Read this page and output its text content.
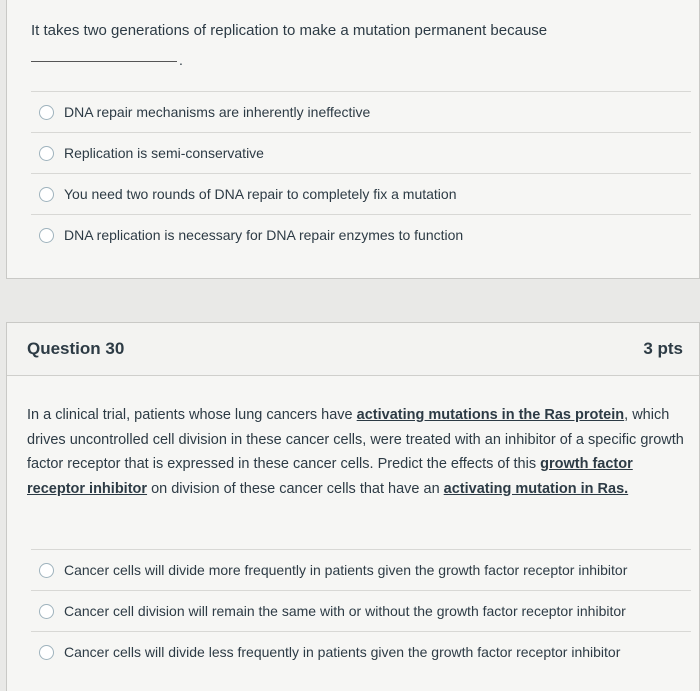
It takes two generations of replication to make a mutation permanent because
.
DNA repair mechanisms are inherently ineffective
Replication is semi-conservative
You need two rounds of DNA repair to completely fix a mutation
DNA replication is necessary for DNA repair enzymes to function
Question 30	3 pts
In a clinical trial, patients whose lung cancers have activating mutations in the Ras protein, which drives uncontrolled cell division in these cancer cells, were treated with an inhibitor of a specific growth factor receptor that is expressed in these cancer cells. Predict the effects of this growth factor receptor inhibitor on division of these cancer cells that have an activating mutation in Ras.
Cancer cells will divide more frequently in patients given the growth factor receptor inhibitor
Cancer cell division will remain the same with or without the growth factor receptor inhibitor
Cancer cells will divide less frequently in patients given the growth factor receptor inhibitor
